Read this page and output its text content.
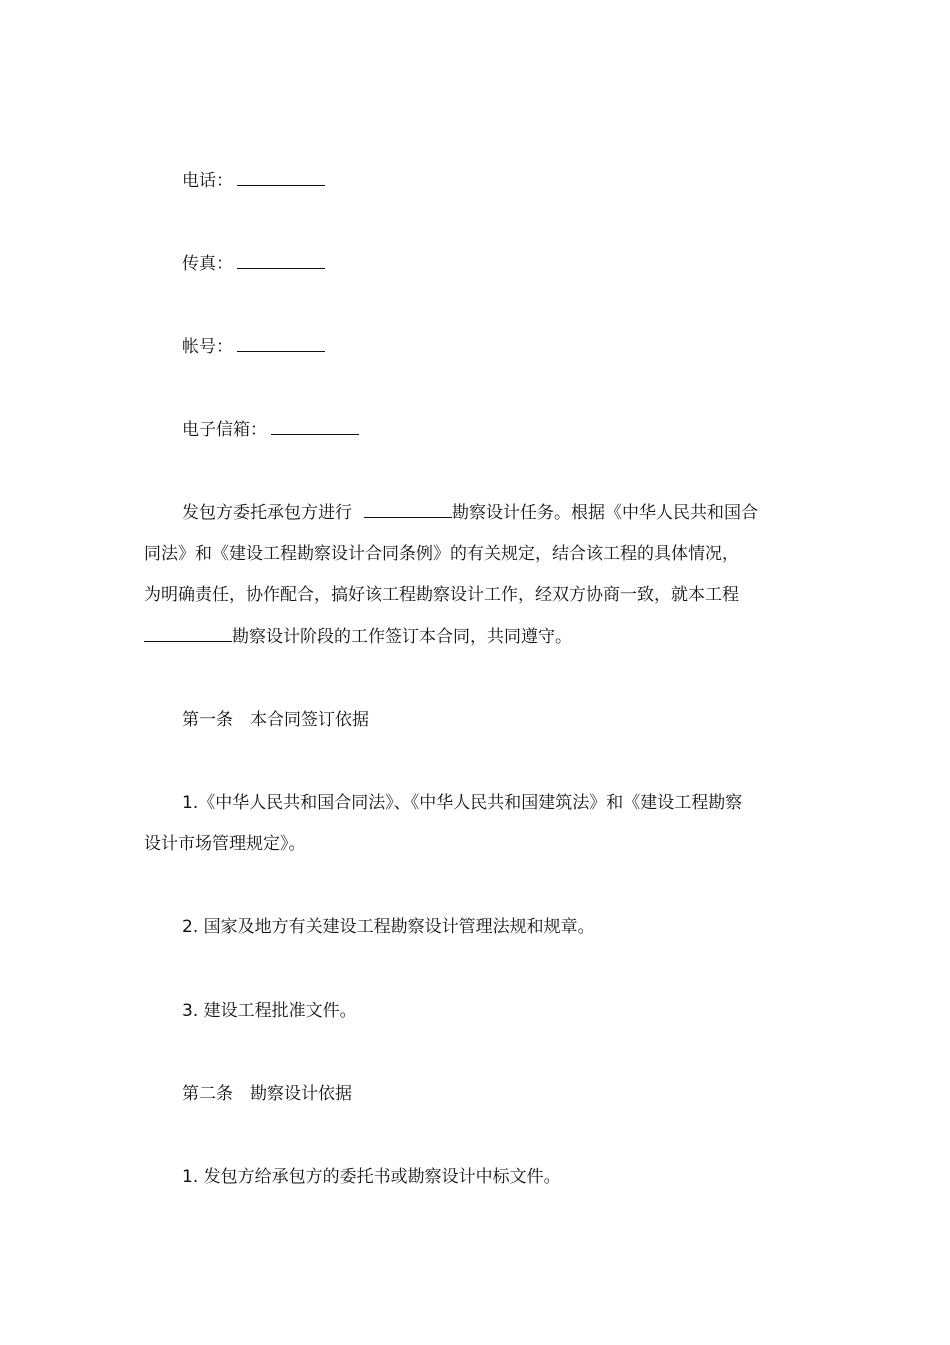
电话：
传真：
帐号：
电子信箱：
发包方委托承包方进行	勘察设计任务。根据《中华人民共和国合
同法》和《建设工程勘察设计合同条例》的有关规定，结合该工程的具体情况，
为明确责任，协作配合，搞好该工程勘察设计工作，经双方协商一致，就本工程
勘察设计阶段的工作签订本合同，共同遵守。
第一条　本合同签订依据
1.《中华人民共和国合同法》、《中华人民共和国建筑法》和《建设工程勘察
设计市场管理规定》。
2. 国家及地方有关建设工程勘察设计管理法规和规章。
3. 建设工程批准文件。
第二条　勘察设计依据
1. 发包方给承包方的委托书或勘察设计中标文件。
